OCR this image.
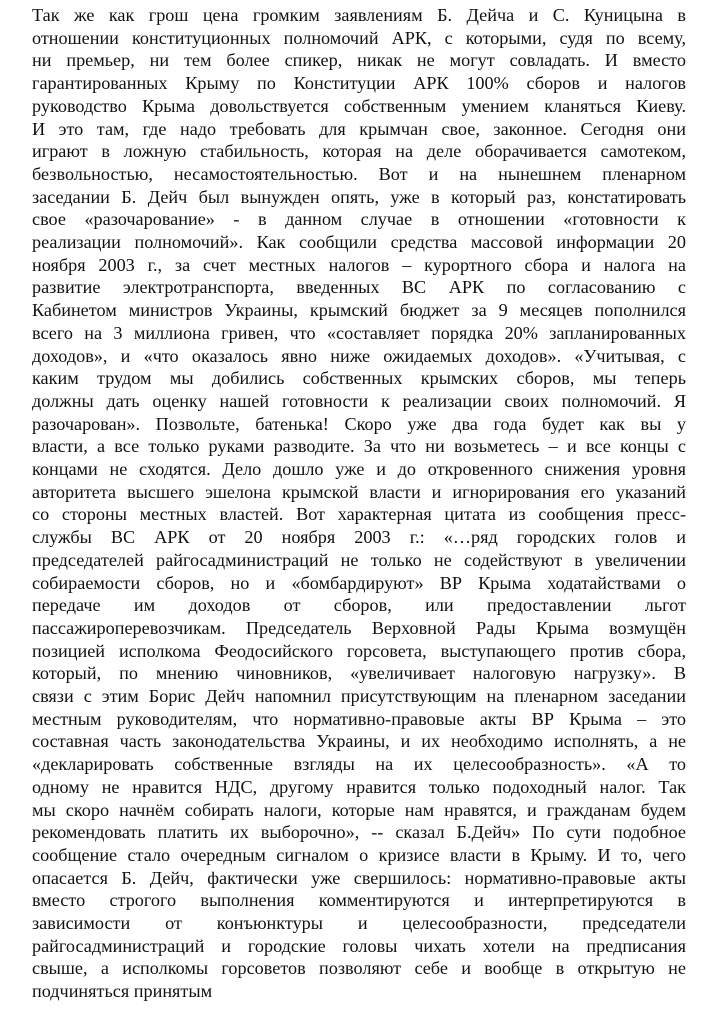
Так же как грош цена громким заявлениям Б. Дейча и С. Куницына в
отношении конституционных полномочий АРК, с которыми, судя по всему,
ни премьер, ни тем более спикер, никак не могут совладать. И вместо
гарантированных Крыму по Конституции АРК 100% сборов и налогов
руководство Крыма довольствуется собственным умением кланяться Киеву.
И это там, где надо требовать для крымчан свое, законное. Сегодня они
играют в ложную стабильность, которая на деле оборачивается самотеком,
безвольностью, несамостоятельностью. Вот и на нынешнем пленарном
заседании Б. Дейч был вынужден опять, уже в который раз, констатировать
свое «разочарование» - в данном случае в отношении «готовности к
реализации полномочий». Как сообщили средства массовой информации 20
ноября 2003 г., за счет местных налогов – курортного сбора и налога на
развитие электротранспорта, введенных ВС АРК по согласованию с
Кабинетом министров Украины, крымский бюджет за 9 месяцев пополнился
всего на 3 миллиона гривен, что «составляет порядка 20% запланированных
доходов», и «что оказалось явно ниже ожидаемых доходов». «Учитывая, с
каким трудом мы добились собственных крымских сборов, мы теперь
должны дать оценку нашей готовности к реализации своих полномочий. Я
разочарован». Позвольте, батенька! Скоро уже два года будет как вы у
власти, а все только руками разводите. За что ни возьметесь – и все концы с
концами не сходятся. Дело дошло уже и до откровенного снижения уровня
авторитета высшего эшелона крымской власти и игнорирования его указаний
со стороны местных властей. Вот характерная цитата из сообщения пресс-
службы ВС АРК от 20 ноября 2003 г.: «…ряд городских голов и
председателей райгосадминистраций не только не содействуют в увеличении
собираемости сборов, но и «бомбардируют» ВР Крыма ходатайствами о
передаче им доходов от сборов, или предоставлении льгот
пассажироперевозчикам. Председатель Верховной Рады Крыма возмущён
позицией исполкома Феодосийского горсовета, выступающего против сбора,
который, по мнению чиновников, «увеличивает налоговую нагрузку». В
связи с этим Борис Дейч напомнил присутствующим на пленарном заседании
местным руководителям, что нормативно-правовые акты ВР Крыма – это
составная часть законодательства Украины, и их необходимо исполнять, а не
«декларировать собственные взгляды на их целесообразность». «А то
одному не нравится НДС, другому нравится только подоходный налог. Так
мы скоро начнём собирать налоги, которые нам нравятся, и гражданам будем
рекомендовать платить их выборочно», -- сказал Б.Дейч» По сути подобное
сообщение стало очередным сигналом о кризисе власти в Крыму. И то, чего
опасается Б. Дейч, фактически уже свершилось: нормативно-правовые акты
вместо строгого выполнения комментируются и интерпретируются в
зависимости от конъюнктуры и целесообразности, председатели
райгосадминистраций и городские головы чихать хотели на предписания
свыше, а исполкомы горсоветов позволяют себе и вообще в открытую не
подчиняться принятым
